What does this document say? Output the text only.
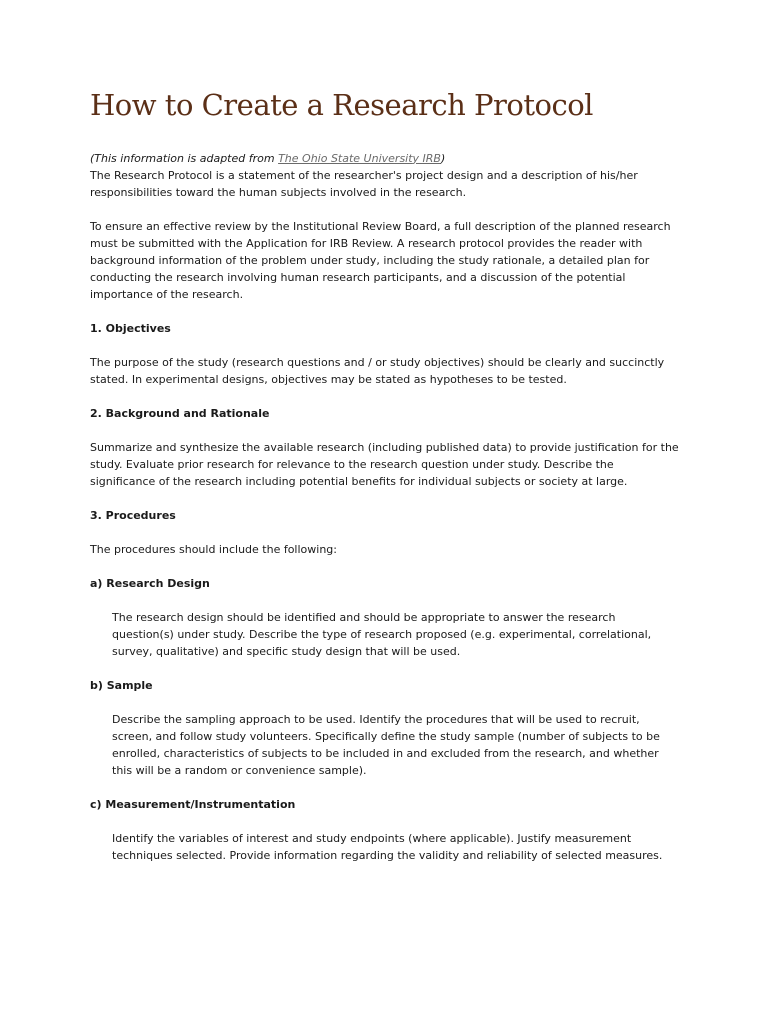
How to Create a Research Protocol

(This information is adapted from The Ohio State University IRB)

The Research Protocol is a statement of the researcher's project design and a description of his/her responsibilities toward the human subjects involved in the research.

To ensure an effective review by the Institutional Review Board, a full description of the planned research must be submitted with the Application for IRB Review. A research protocol provides the reader with background information of the problem under study, including the study rationale, a detailed plan for conducting the research involving human research participants, and a discussion of the potential importance of the research.

1. Objectives

The purpose of the study (research questions and / or study objectives) should be clearly and succinctly stated. In experimental designs, objectives may be stated as hypotheses to be tested.

2. Background and Rationale

Summarize and synthesize the available research (including published data) to provide justification for the study. Evaluate prior research for relevance to the research question under study. Describe the significance of the research including potential benefits for individual subjects or society at large.

3. Procedures

The procedures should include the following:

a) Research Design

The research design should be identified and should be appropriate to answer the research question(s) under study. Describe the type of research proposed (e.g. experimental, correlational, survey, qualitative) and specific study design that will be used.

b) Sample

Describe the sampling approach to be used. Identify the procedures that will be used to recruit, screen, and follow study volunteers. Specifically define the study sample (number of subjects to be enrolled, characteristics of subjects to be included in and excluded from the research, and whether this will be a random or convenience sample).

c) Measurement/Instrumentation

Identify the variables of interest and study endpoints (where applicable). Justify measurement techniques selected. Provide information regarding the validity and reliability of selected measures.
